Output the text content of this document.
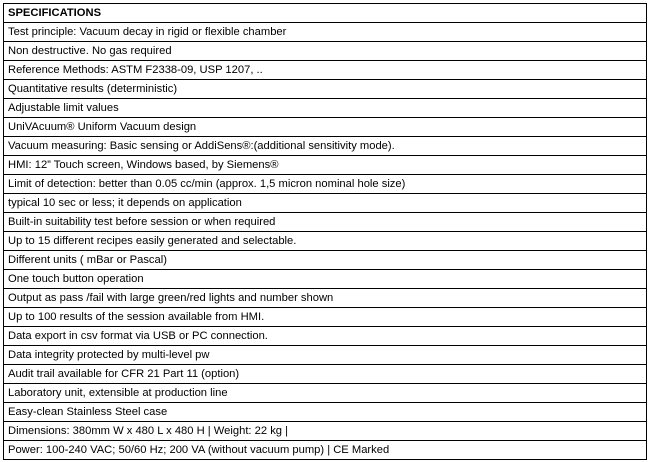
SPECIFICATIONS
Test principle: Vacuum decay in rigid or flexible chamber
Non destructive. No gas required
Reference Methods: ASTM F2338-09, USP 1207, ..
Quantitative results (deterministic)
Adjustable limit values
UniVAcuum® Uniform Vacuum design
Vacuum measuring: Basic sensing or AddiSens®:(additional sensitivity mode).
HMI: 12” Touch screen, Windows based, by Siemens®
Limit of detection: better than 0.05 cc/min (approx. 1,5 micron nominal hole size)
typical 10 sec or less; it depends on application
Built-in suitability test before session or when required
Up to 15 different recipes easily generated and selectable.
Different units ( mBar or Pascal)
One touch button operation
Output as pass /fail with large green/red lights and number shown
Up to 100 results of the session available from HMI.
Data export in csv format via USB or PC connection.
Data integrity protected by multi-level pw
Audit trail available for CFR 21 Part 11 (option)
Laboratory unit, extensible at production line
Easy-clean Stainless Steel case
Dimensions: 380mm W x 480 L x 480 H | Weight: 22 kg |
Power: 100-240 VAC; 50/60 Hz; 200 VA (without vacuum pump) | CE Marked
